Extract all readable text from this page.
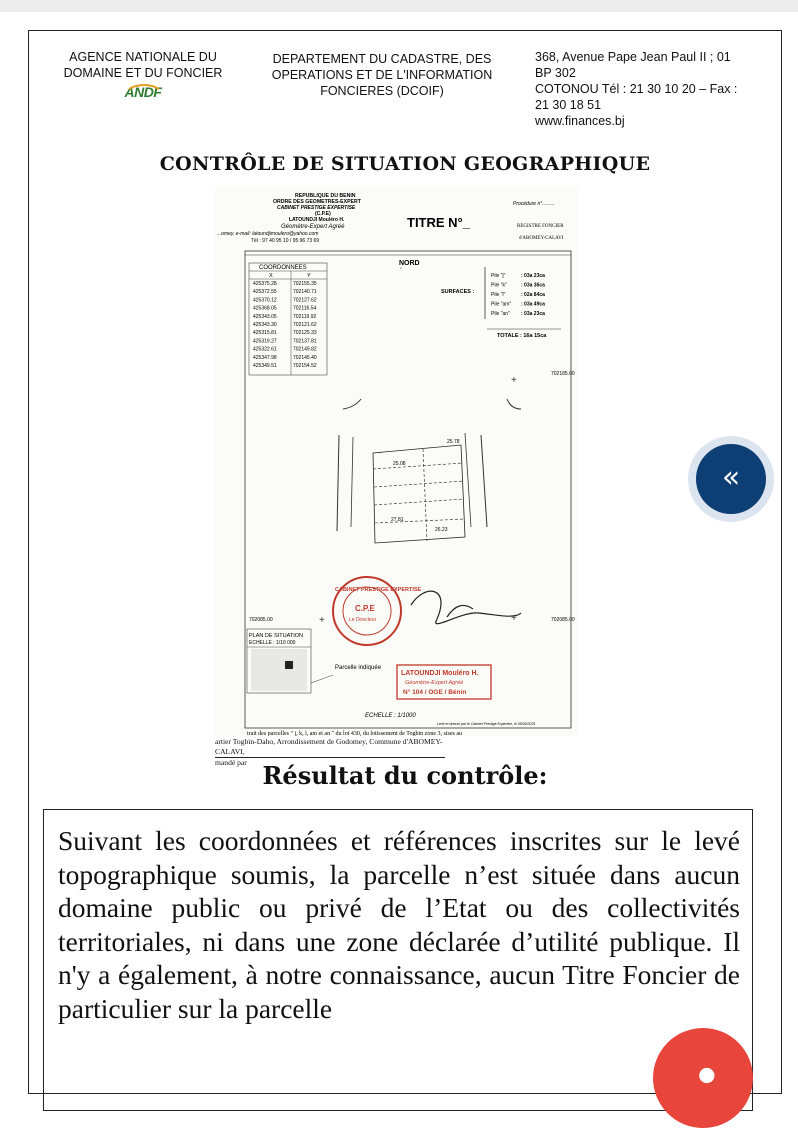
AGENCE NATIONALE DU
DOMAINE ET DU FONCIER
ANDF
DEPARTEMENT DU CADASTRE, DES
OPERATIONS ET DE L'INFORMATION
FONCIERES (DCOIF)
368, Avenue Pape Jean Paul II ; 01
BP 302
COTONOU Tél : 21 30 10 20 – Fax :
21 30 18 51
www.finances.bj
CONTRÔLE DE SITUATION GEOGRAPHIQUE
REPUBLIQUE DU BENIN
ORDRE DES GEOMETRES-EXPERT
CABINET PRESTIGE EXPERTISE
(C.P.E)
LATOUNDJI Mouléro H.
Géomètre-Expert Agréé
...omey, e-mail: latoundjimoulero@yahoo.com
Tél : 97 40 95 10 / 95 96 73 69
TITRE N°_
Procédure n°.........
REGISTRE FONCIER
d'ABOMEY-CALAVI
COORDONNEES
X	Y
425375.28	702155.35
425372.55	702140.71
425370.12	702127.62
425368.05	702116.54
425343.05	702119.92
425343.30	702121.62
425315.81	702125.33
425319.27	702137.81
425322.61	702149.82
425347.98	702145.40
425349.51	702154.52
NORD
SURFACES :
Pile "j"	: 03a 23ca
Pile "k"	: 03a 36ca
Pile "l"	: 02a 84ca
Pile "am" : 03a 49ca
Pile "an" : 03a 23ca
TOTALE : 16a 15ca
702185.00
+
25.78
25.08
27.81
26.23
702085.00	+	+	702085.00
CABINET PRESTIGE EXPERTISE
C.P.E
Le Directeur
PLAN DE SITUATION
ECHELLE : 1/10 000
Parcelle indiquée
LATOUNDJI Mouléro H.
Géomètre-Expert Agréé
N° 104 / OGE / Bénin
ECHELLE : 1/1000
Levé et dressé par le Cabinet Prestige Expertise, le 05/09/2025
trait des parcelles " j, k, l, am et an " du lot 430, du lotissement de Togbin zone 3, sises au
artier Togbin-Daho, Arrondissement de Godomey, Commune d'ABOMEY-CALAVI,
mandé par Résultat du contrôle:
Suivant les coordonnées et références inscrites sur le levé topographique soumis, la parcelle n’est située dans aucun domaine public ou privé de l’Etat ou des collectivités territoriales, ni dans une zone déclarée d’utilité publique. Il n'y a également, à notre connaissance, aucun Titre Foncier de particulier sur la parcelle
«
●
